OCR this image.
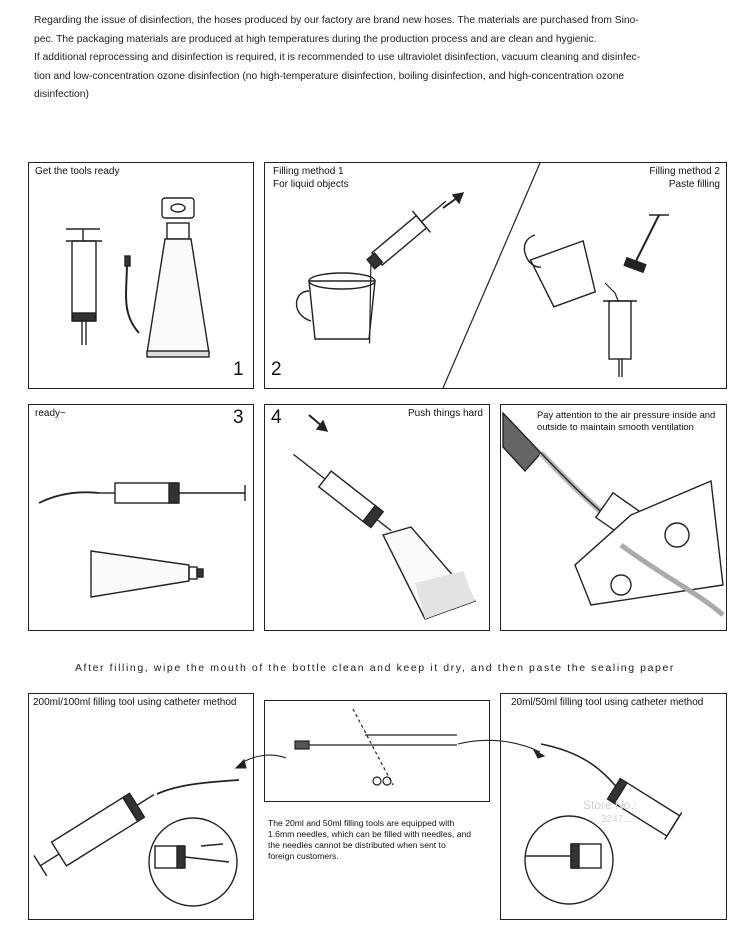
Regarding the issue of disinfection, the hoses produced by our factory are brand new hoses. The materials are purchased from Sino-

pec. The packaging materials are produced at high temperatures during the production process and are clean and hygienic.

If additional reprocessing and disinfection is required, it is recommended to use ultraviolet disinfection, vacuum cleaning and disinfec-

tion and low-concentration ozone disinfection (no high-temperature disinfection, boiling disinfection, and high-concentration ozone

disinfection)

Get the tools ready
1
Filling method 1
For liquid objects
Filling method 2
Paste filling
2
ready~	3 4	Push things hard	Pay attention to the air pressure inside and
outside to maintain smooth ventilation
After filling, wipe the mouth of the bottle clean and keep it dry, and then paste the sealing paper
200ml/100ml filling tool using catheter method
The 20ml and 50ml filling tools are equipped with
1.6mm needles, which can be filled with needles, and
the needles cannot be distributed when sent to
foreign customers.
20ml/50ml filling tool using catheter method
Store No.:
3247...
